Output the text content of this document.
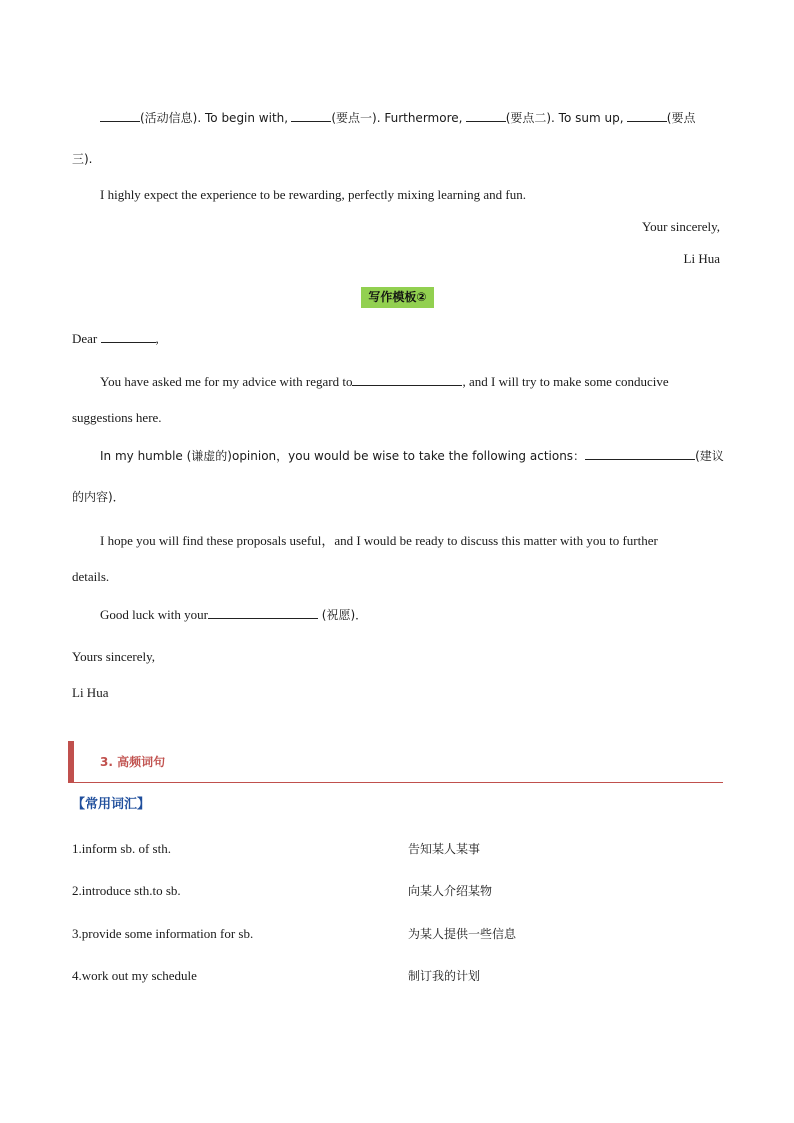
(活动信息). To begin with,	(要点一). Furthermore,	(要点二). To sum up,	(要点
三).
I highly expect the experience to be rewarding, perfectly mixing learning and fun.
Your sincerely,
Li Hua
写作模板②
Dear	,
You have asked me for my advice with regard to	, and I will try to make some conducive
suggestions here.
In my humble (谦虚的)opinion，you would be wise to take the following actions：	(建议
的内容)．
I hope you will find these proposals useful，and I would be ready to discuss this matter with you to further
details.
Good luck with your	(祝愿)．
Yours sincerely,
Li Hua
3. 高频词句
【常用词汇】
1.inform sb. of sth.	告知某人某事
2.introduce sth.to sb.	向某人介绍某物
3.provide some information for sb.	为某人提供一些信息
4.work out my schedule	制订我的计划
